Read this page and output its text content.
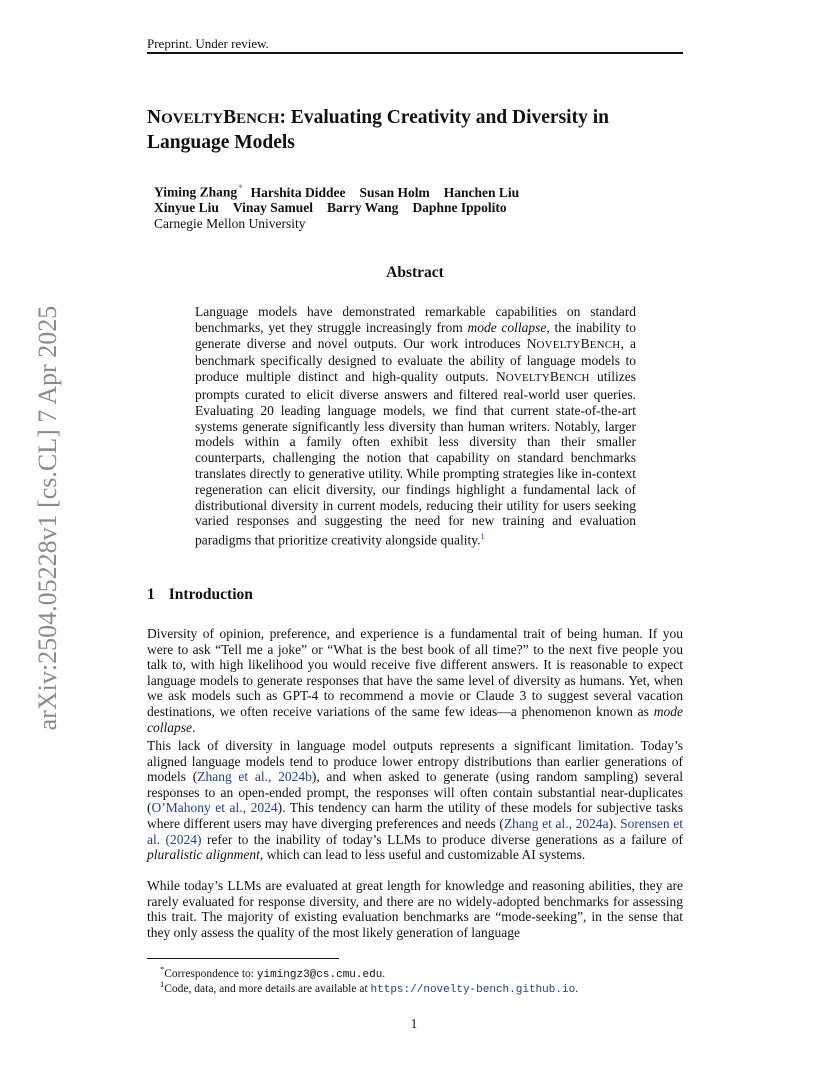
Preprint. Under review.
arXiv:2504.05228v1 [cs.CL] 7 Apr 2025
NOVELTYBENCH: Evaluating Creativity and Diversity in Language Models
Yiming Zhang* Harshita Diddee Susan Holm Hanchen Liu
Xinyue Liu Vinay Samuel Barry Wang Daphne Ippolito
Carnegie Mellon University
Abstract
Language models have demonstrated remarkable capabilities on standard benchmarks, yet they struggle increasingly from mode collapse, the inability to generate diverse and novel outputs. Our work introduces NOVELTYBENCH, a benchmark specifically designed to evaluate the ability of language models to produce multiple distinct and high-quality outputs. NOVELTYBENCH utilizes prompts curated to elicit diverse answers and filtered real-world user queries. Evaluating 20 leading language models, we find that current state-of-the-art systems generate significantly less diversity than human writers. Notably, larger models within a family often exhibit less diversity than their smaller counterparts, challenging the notion that capability on standard benchmarks translates directly to generative utility. While prompting strategies like in-context regeneration can elicit diversity, our findings highlight a fundamental lack of distributional diversity in current models, reducing their utility for users seeking varied responses and suggesting the need for new training and evaluation paradigms that prioritize creativity alongside quality.$^1$
1 Introduction
Diversity of opinion, preference, and experience is a fundamental trait of being human. If you were to ask “Tell me a joke” or “What is the best book of all time?” to the next five people you talk to, with high likelihood you would receive five different answers. It is reasonable to expect language models to generate responses that have the same level of diversity as humans. Yet, when we ask models such as GPT-4 to recommend a movie or Claude 3 to suggest several vacation destinations, we often receive variations of the same few ideas—a phenomenon known as mode collapse.
This lack of diversity in language model outputs represents a significant limitation. Today’s aligned language models tend to produce lower entropy distributions than earlier generations of models (Zhang et al., 2024b), and when asked to generate (using random sampling) several responses to an open-ended prompt, the responses will often contain substantial near-duplicates (O’Mahony et al., 2024). This tendency can harm the utility of these models for subjective tasks where different users may have diverging preferences and needs (Zhang et al., 2024a). Sorensen et al. (2024) refer to the inability of today’s LLMs to produce diverse generations as a failure of pluralistic alignment, which can lead to less useful and customizable AI systems.
While today’s LLMs are evaluated at great length for knowledge and reasoning abilities, they are rarely evaluated for response diversity, and there are no widely-adopted benchmarks for assessing this trait. The majority of existing evaluation benchmarks are “mode-seeking”, in the sense that they only assess the quality of the most likely generation of language
*Correspondence to: yimingz3@cs.cmu.edu.
$^1$Code, data, and more details are available at https://novelty-bench.github.io.
1
